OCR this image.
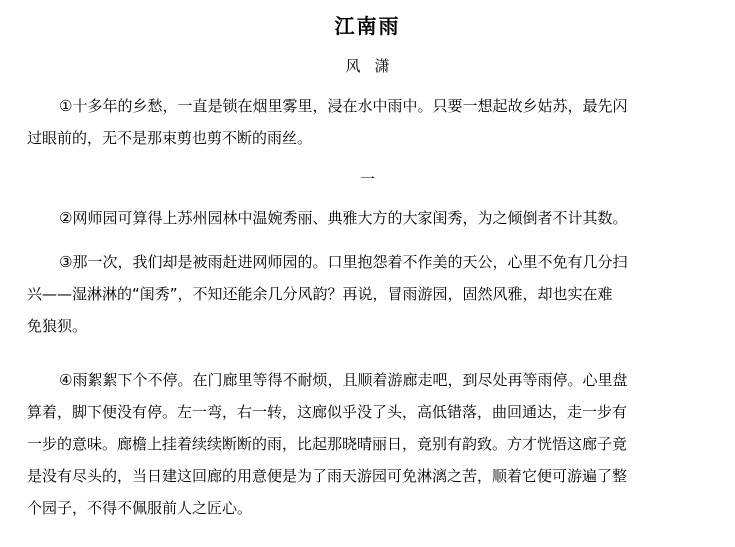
江南雨
风 潇
①十多年的乡愁，一直是锁在烟里雾里，浸在水中雨中。只要一想起故乡姑苏，最先闪
过眼前的，无不是那束剪也剪不断的雨丝。
一
②网师园可算得上苏州园林中温婉秀丽、典雅大方的大家闺秀，为之倾倒者不计其数。
③那一次，我们却是被雨赶进网师园的。口里抱怨着不作美的天公，心里不免有几分扫
兴——湿淋淋的“闺秀”，不知还能余几分风韵？再说，冒雨游园，固然风雅，却也实在难
免狼狈。
④雨絮絮下个不停。在门廊里等得不耐烦，且顺着游廊走吧，到尽处再等雨停。心里盘
算着，脚下便没有停。左一弯，右一转，这廊似乎没了头，高低错落，曲回通达，走一步有
一步的意味。廊檐上挂着续续断断的雨，比起那晓晴丽日，竟别有韵致。方才恍悟这廊子竟
是没有尽头的，当日建这回廊的用意便是为了雨天游园可免淋漓之苦，顺着它便可游遍了整
个园子，不得不佩服前人之匠心。
